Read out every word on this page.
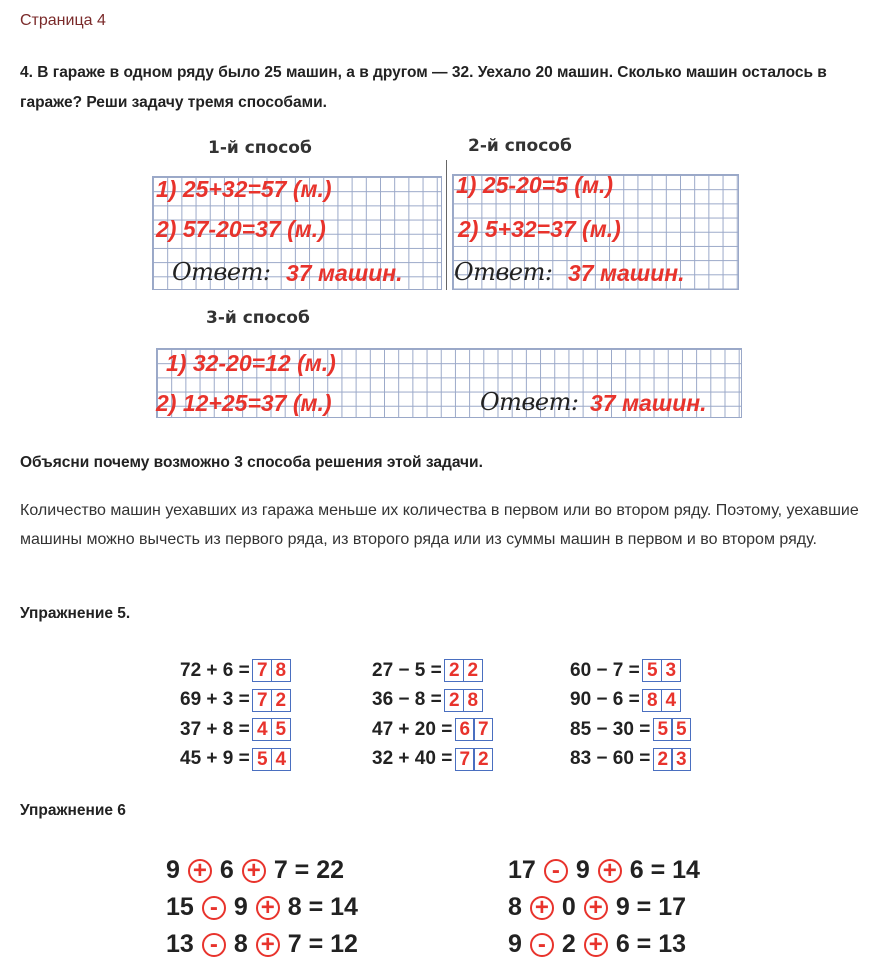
Страница 4
4. В гараже в одном ряду было 25 машин, а в другом — 32. Уехало 20 машин. Сколько машин осталось в гараже? Реши задачу тремя способами.
1-й способ	2-й способ
3-й способ
1) 25+32=57 (м.)
2) 57-20=37 (м.)
Ответ: 37 машин.
1) 25-20=5 (м.)
2) 5+32=37 (м.)
Ответ: 37 машин.
1) 32-20=12 (м.)
2) 12+25=37 (м.)	Ответ: 37 машин.
Объясни почему возможно 3 способа решения этой задачи.
Количество машин уехавших из гаража меньше их количества в первом или во втором ряду. Поэтому, уехавшие машины можно вычесть из первого ряда, из второго ряда или из суммы машин в первом и во втором ряду.
Упражнение 5.
72 + 6 = 7 8
69 + 3 = 7 2
37 + 8 = 4 5
45 + 9 = 5 4
27 − 5 = 2 2
36 − 8 = 2 8
47 + 20 = 6 7
32 + 40 = 7 2
60 − 7 = 5 3
90 − 6 = 8 4
85 − 30 = 5 5
83 − 60 = 2 3
Упражнение 6
9 + 6 + 7
= 22
15 - 9 + 8
= 14
13 - 8 + 7
= 12
17 - 9 + 6
= 14
8 + 0 + 9
= 17
9 - 2 + 6
= 13
